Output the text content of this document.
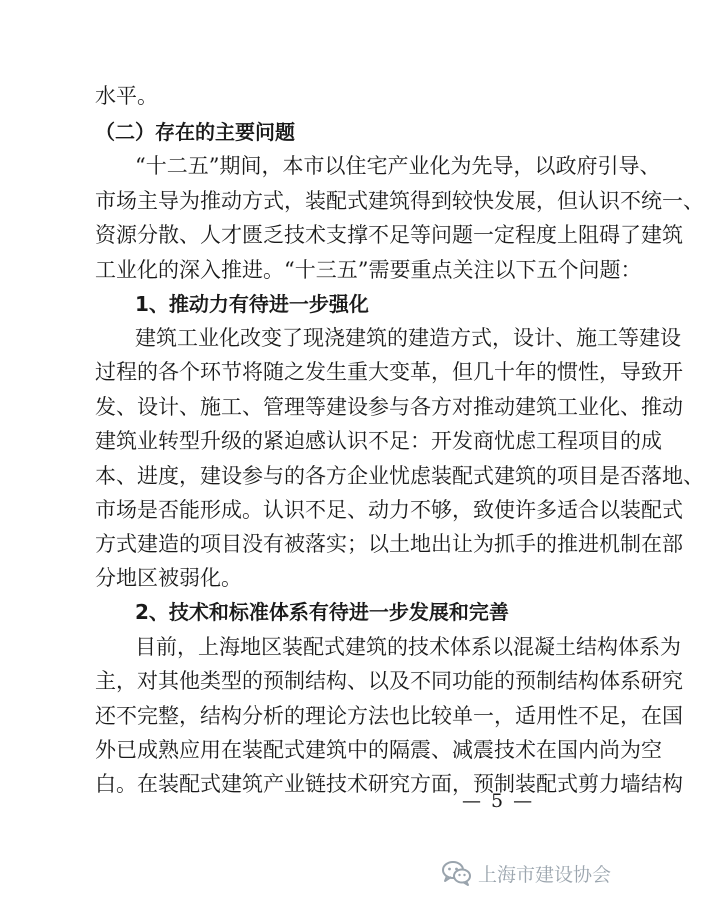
水平。
（二）存在的主要问题
“十二五”期间，本市以住宅产业化为先导，以政府引导、
市场主导为推动方式，装配式建筑得到较快发展，但认识不统一、
资源分散、人才匮乏技术支撑不足等问题一定程度上阻碍了建筑
工业化的深入推进。“十三五”需要重点关注以下五个问题：
1、推动力有待进一步强化
建筑工业化改变了现浇建筑的建造方式，设计、施工等建设
过程的各个环节将随之发生重大变革，但几十年的惯性，导致开
发、设计、施工、管理等建设参与各方对推动建筑工业化、推动
建筑业转型升级的紧迫感认识不足：开发商忧虑工程项目的成
本、进度，建设参与的各方企业忧虑装配式建筑的项目是否落地、
市场是否能形成。认识不足、动力不够，致使许多适合以装配式
方式建造的项目没有被落实；以土地出让为抓手的推进机制在部
分地区被弱化。
2、技术和标准体系有待进一步发展和完善
目前，上海地区装配式建筑的技术体系以混凝土结构体系为
主，对其他类型的预制结构、以及不同功能的预制结构体系研究
还不完整，结构分析的理论方法也比较单一，适用性不足，在国
外已成熟应用在装配式建筑中的隔震、减震技术在国内尚为空
白。在装配式建筑产业链技术研究方面，预制装配式剪力墙结构
— 5 —
上海市建设协会
